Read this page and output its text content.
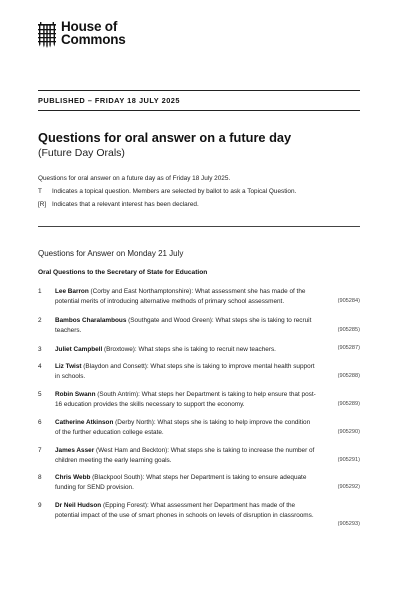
House of
Commons
PUBLISHED – FRIDAY 18 JULY 2025
Questions for oral answer on a future day
(Future Day Orals)
Questions for oral answer on a future day as of Friday 18 July 2025.
T	Indicates a topical question. Members are selected by ballot to ask a Topical Question.
[R] Indicates that a relevant interest has been declared.
Questions for Answer on Monday 21 July
Oral Questions to the Secretary of State for Education
1 Lee Barron (Corby and East Northamptonshire): What assessment she has made of the potential merits of introducing alternative methods of primary school assessment.	(905284)
2 Bambos Charalambous (Southgate and Wood Green): What steps she is taking to recruit teachers.	(905285)
3 Juliet Campbell (Broxtowe): What steps she is taking to recruit new teachers.	(905287)
4 Liz Twist (Blaydon and Consett): What steps she is taking to improve mental health support in schools.	(905288)
5 Robin Swann (South Antrim): What steps her Department is taking to help ensure that post-16 education provides the skills necessary to support the economy.	(905289)
6 Catherine Atkinson (Derby North): What steps she is taking to help improve the condition of the further education college estate.	(905290)
7 James Asser (West Ham and Beckton): What steps she is taking to increase the number of children meeting the early learning goals.	(905291)
8 Chris Webb (Blackpool South): What steps her Department is taking to ensure adequate funding for SEND provision.	(905292)
9 Dr Neil Hudson (Epping Forest): What assessment her Department has made of the potential impact of the use of smart phones in schools on levels of disruption in classrooms.
(905293)
